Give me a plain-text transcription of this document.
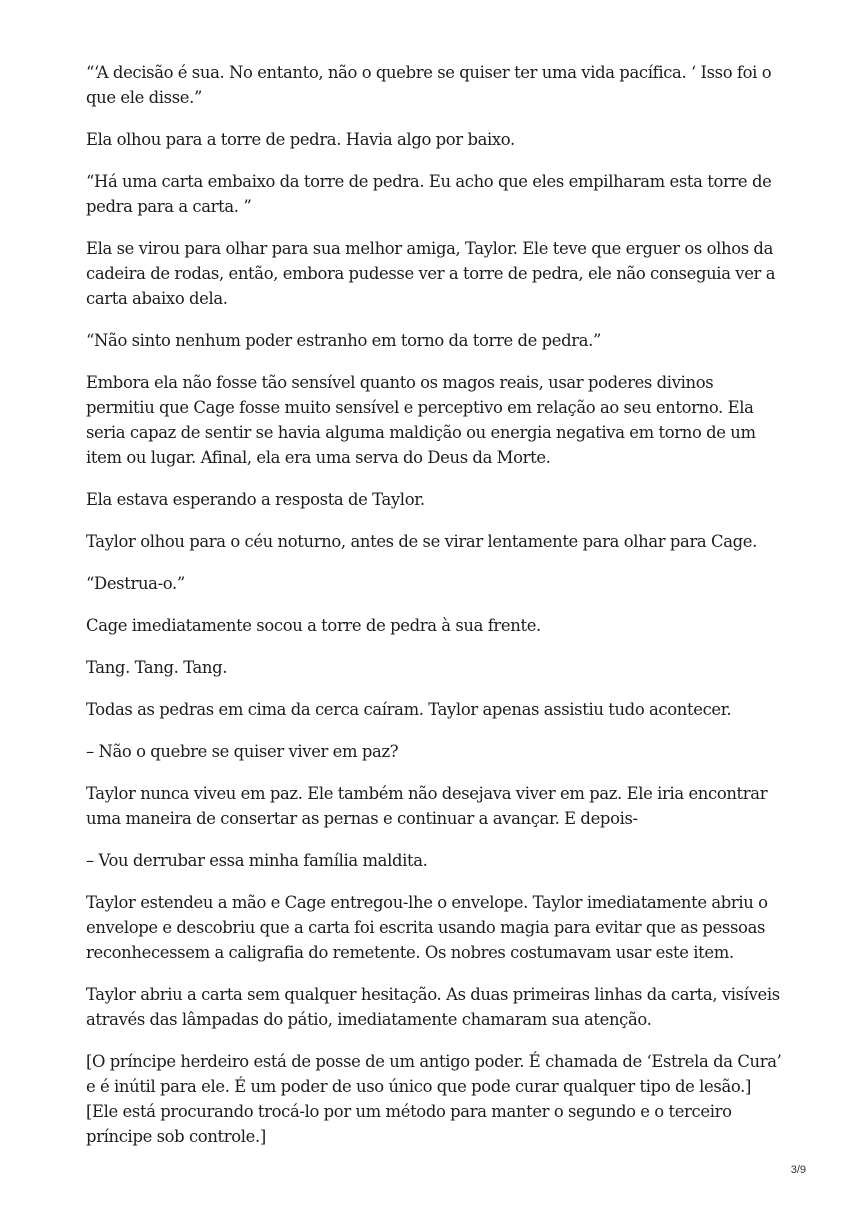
“‘A decisão é sua. No entanto, não o quebre se quiser ter uma vida pacífica. ‘ Isso foi o que ele disse.”

Ela olhou para a torre de pedra. Havia algo por baixo.

“Há uma carta embaixo da torre de pedra. Eu acho que eles empilharam esta torre de pedra para a carta. ”

Ela se virou para olhar para sua melhor amiga, Taylor. Ele teve que erguer os olhos da cadeira de rodas, então, embora pudesse ver a torre de pedra, ele não conseguia ver a carta abaixo dela.

“Não sinto nenhum poder estranho em torno da torre de pedra.”

Embora ela não fosse tão sensível quanto os magos reais, usar poderes divinos permitiu que Cage fosse muito sensível e perceptivo em relação ao seu entorno. Ela seria capaz de sentir se havia alguma maldição ou energia negativa em torno de um item ou lugar. Afinal, ela era uma serva do Deus da Morte.

Ela estava esperando a resposta de Taylor.

Taylor olhou para o céu noturno, antes de se virar lentamente para olhar para Cage.

“Destrua-o.”

Cage imediatamente socou a torre de pedra à sua frente.

Tang. Tang. Tang.

Todas as pedras em cima da cerca caíram. Taylor apenas assistiu tudo acontecer.

– Não o quebre se quiser viver em paz?

Taylor nunca viveu em paz. Ele também não desejava viver em paz. Ele iria encontrar uma maneira de consertar as pernas e continuar a avançar. E depois-

– Vou derrubar essa minha família maldita.

Taylor estendeu a mão e Cage entregou-lhe o envelope. Taylor imediatamente abriu o envelope e descobriu que a carta foi escrita usando magia para evitar que as pessoas reconhecessem a caligrafia do remetente. Os nobres costumavam usar este item.

Taylor abriu a carta sem qualquer hesitação. As duas primeiras linhas da carta, visíveis através das lâmpadas do pátio, imediatamente chamaram sua atenção.

[O príncipe herdeiro está de posse de um antigo poder. É chamada de ‘Estrela da Cura’ e é inútil para ele. É um poder de uso único que pode curar qualquer tipo de lesão.]

[Ele está procurando trocá-lo por um método para manter o segundo e o terceiro príncipe sob controle.]

3/9
